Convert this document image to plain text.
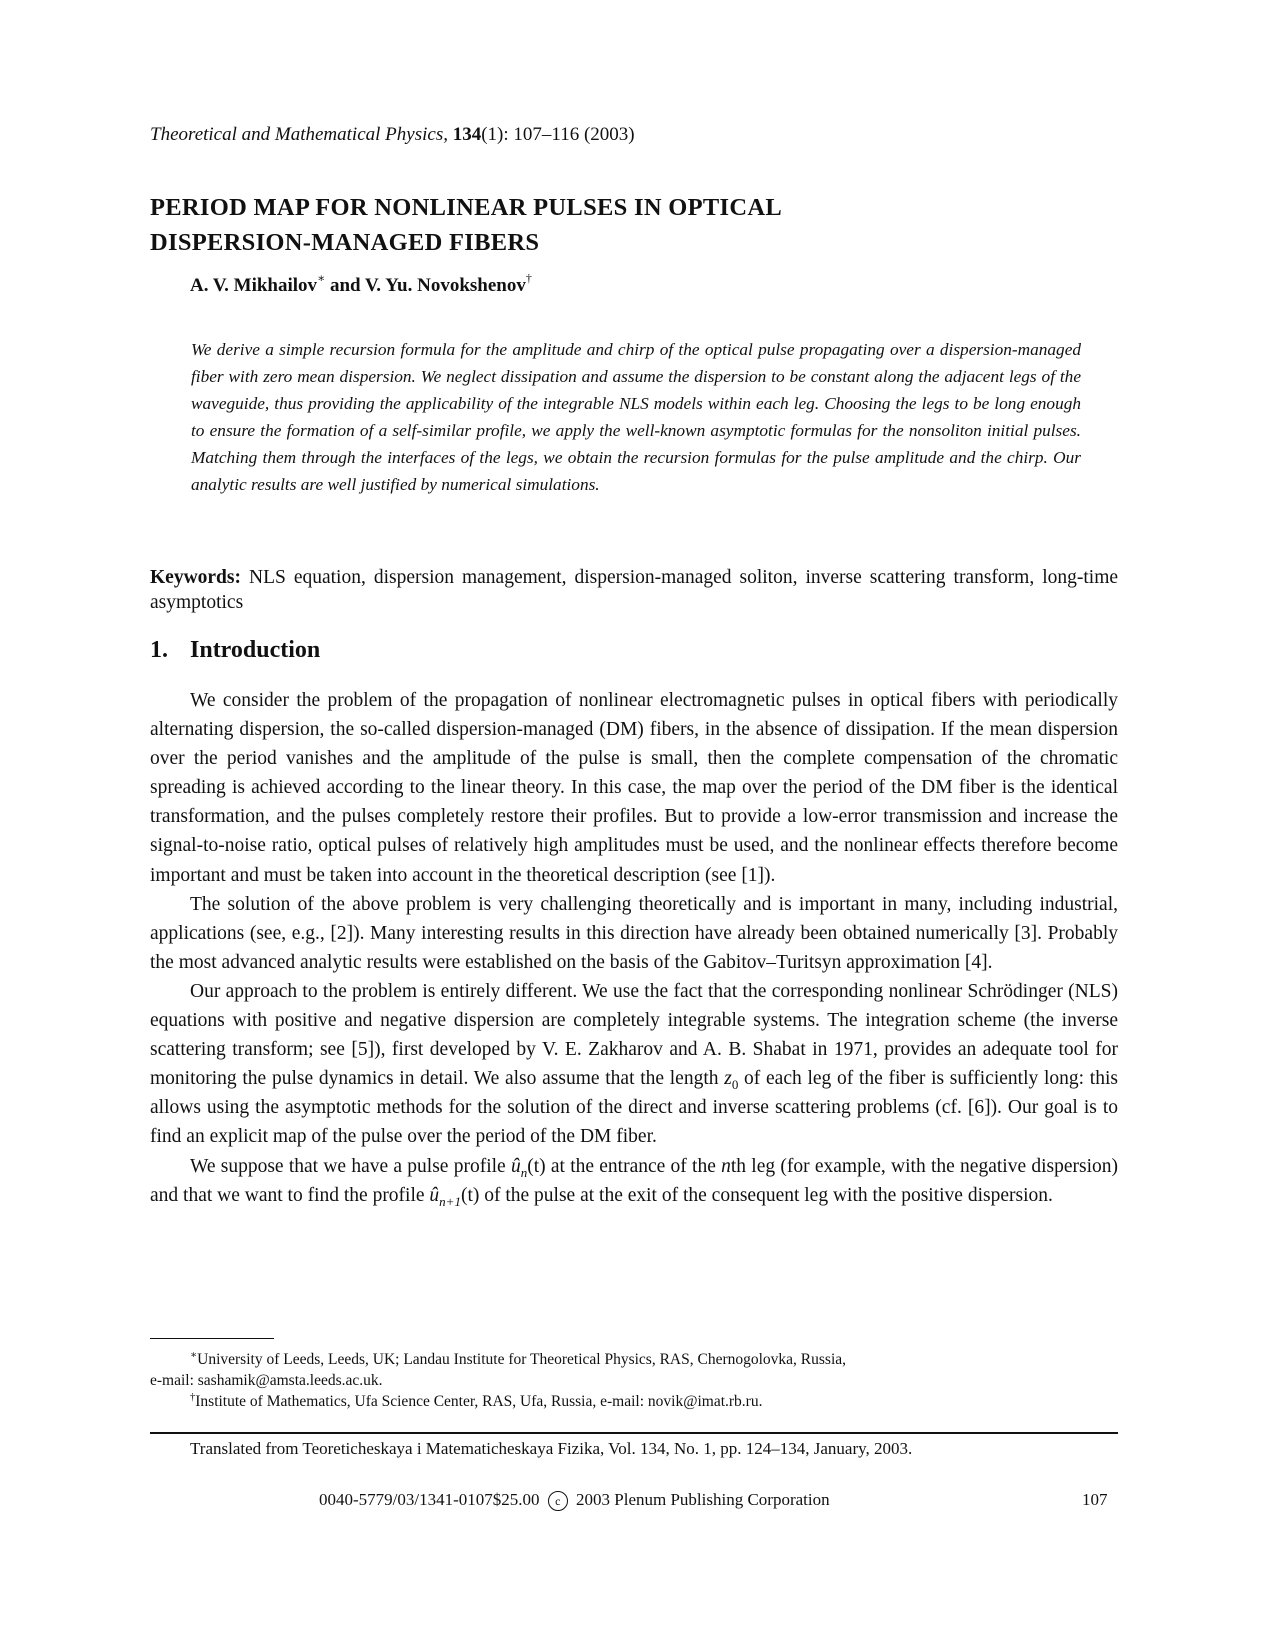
Theoretical and Mathematical Physics, 134(1): 107–116 (2003)
PERIOD MAP FOR NONLINEAR PULSES IN OPTICAL
DISPERSION-MANAGED FIBERS
A. V. Mikhailov∗ and V. Yu. Novokshenov†
We derive a simple recursion formula for the amplitude and chirp of the optical pulse propagating over a dispersion-managed fiber with zero mean dispersion. We neglect dissipation and assume the dispersion to be constant along the adjacent legs of the waveguide, thus providing the applicability of the integrable NLS models within each leg. Choosing the legs to be long enough to ensure the formation of a self-similar profile, we apply the well-known asymptotic formulas for the nonsoliton initial pulses. Matching them through the interfaces of the legs, we obtain the recursion formulas for the pulse amplitude and the chirp. Our analytic results are well justified by numerical simulations.
Keywords: NLS equation, dispersion management, dispersion-managed soliton, inverse scattering transform, long-time asymptotics
1. Introduction

We consider the problem of the propagation of nonlinear electromagnetic pulses in optical fibers with periodically alternating dispersion, the so-called dispersion-managed (DM) fibers, in the absence of dissipation. If the mean dispersion over the period vanishes and the amplitude of the pulse is small, then the complete compensation of the chromatic spreading is achieved according to the linear theory. In this case, the map over the period of the DM fiber is the identical transformation, and the pulses completely restore their profiles. But to provide a low-error transmission and increase the signal-to-noise ratio, optical pulses of relatively high amplitudes must be used, and the nonlinear effects therefore become important and must be taken into account in the theoretical description (see [1]).

The solution of the above problem is very challenging theoretically and is important in many, including industrial, applications (see, e.g., [2]). Many interesting results in this direction have already been obtained numerically [3]. Probably the most advanced analytic results were established on the basis of the Gabitov–Turitsyn approximation [4].

Our approach to the problem is entirely different. We use the fact that the corresponding nonlinear Schrödinger (NLS) equations with positive and negative dispersion are completely integrable systems. The integration scheme (the inverse scattering transform; see [5]), first developed by V. E. Zakharov and A. B. Shabat in 1971, provides an adequate tool for monitoring the pulse dynamics in detail. We also assume that the length $z_0$ of each leg of the fiber is sufficiently long: this allows using the asymptotic methods for the solution of the direct and inverse scattering problems (cf. [6]). Our goal is to find an explicit map of the pulse over the period of the DM fiber.

We suppose that we have a pulse profile $û_n(t)$ at the entrance of the nth leg (for example, with the negative dispersion) and that we want to find the profile $û_{n+1}(t)$ of the pulse at the exit of the consequent leg with the positive dispersion.

∗University of Leeds, Leeds, UK; Landau Institute for Theoretical Physics, RAS, Chernogolovka, Russia,
e-mail: sashamik@amsta.leeds.ac.uk.
†Institute of Mathematics, Ufa Science Center, RAS, Ufa, Russia, e-mail: novik@imat.rb.ru.
Translated from Teoreticheskaya i Matematicheskaya Fizika, Vol. 134, No. 1, pp. 124–134, January, 2003.
0040-5779/03/1341-0107$25.00 c 2003 Plenum Publishing Corporation	107
